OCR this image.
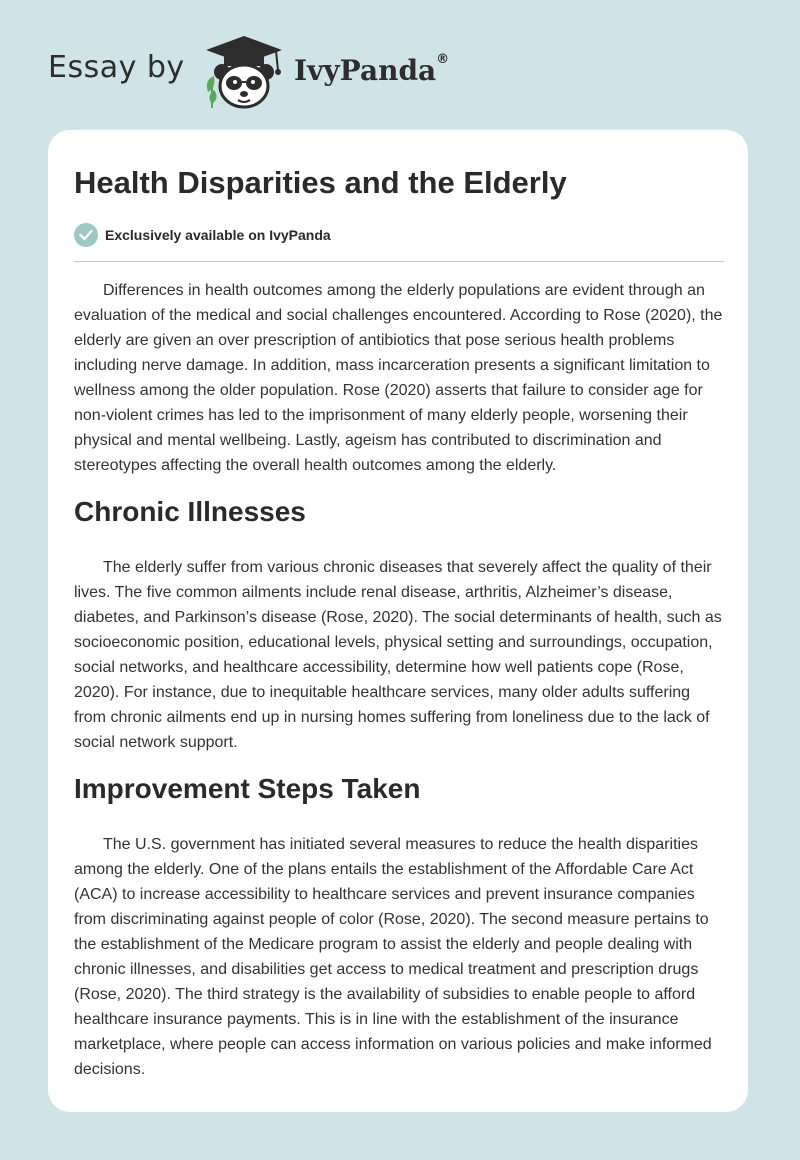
Essay by	IvyPanda®
Health Disparities and the Elderly
Exclusively available on IvyPanda

Differences in health outcomes among the elderly populations are evident through an evaluation of the medical and social challenges encountered. According to Rose (2020), the elderly are given an over prescription of antibiotics that pose serious health problems including nerve damage. In addition, mass incarceration presents a significant limitation to wellness among the older population. Rose (2020) asserts that failure to consider age for non-violent crimes has led to the imprisonment of many elderly people, worsening their physical and mental wellbeing. Lastly, ageism has contributed to discrimination and stereotypes affecting the overall health outcomes among the elderly.

Chronic Illnesses

The elderly suffer from various chronic diseases that severely affect the quality of their lives. The five common ailments include renal disease, arthritis, Alzheimer’s disease, diabetes, and Parkinson’s disease (Rose, 2020). The social determinants of health, such as socioeconomic position, educational levels, physical setting and surroundings, occupation, social networks, and healthcare accessibility, determine how well patients cope (Rose, 2020). For instance, due to inequitable healthcare services, many older adults suffering from chronic ailments end up in nursing homes suffering from loneliness due to the lack of social network support.

Improvement Steps Taken

The U.S. government has initiated several measures to reduce the health disparities among the elderly. One of the plans entails the establishment of the Affordable Care Act (ACA) to increase accessibility to healthcare services and prevent insurance companies from discriminating against people of color (Rose, 2020). The second measure pertains to the establishment of the Medicare program to assist the elderly and people dealing with chronic illnesses, and disabilities get access to medical treatment and prescription drugs (Rose, 2020). The third strategy is the availability of subsidies to enable people to afford healthcare insurance payments. This is in line with the establishment of the insurance marketplace, where people can access information on various policies and make informed decisions.
